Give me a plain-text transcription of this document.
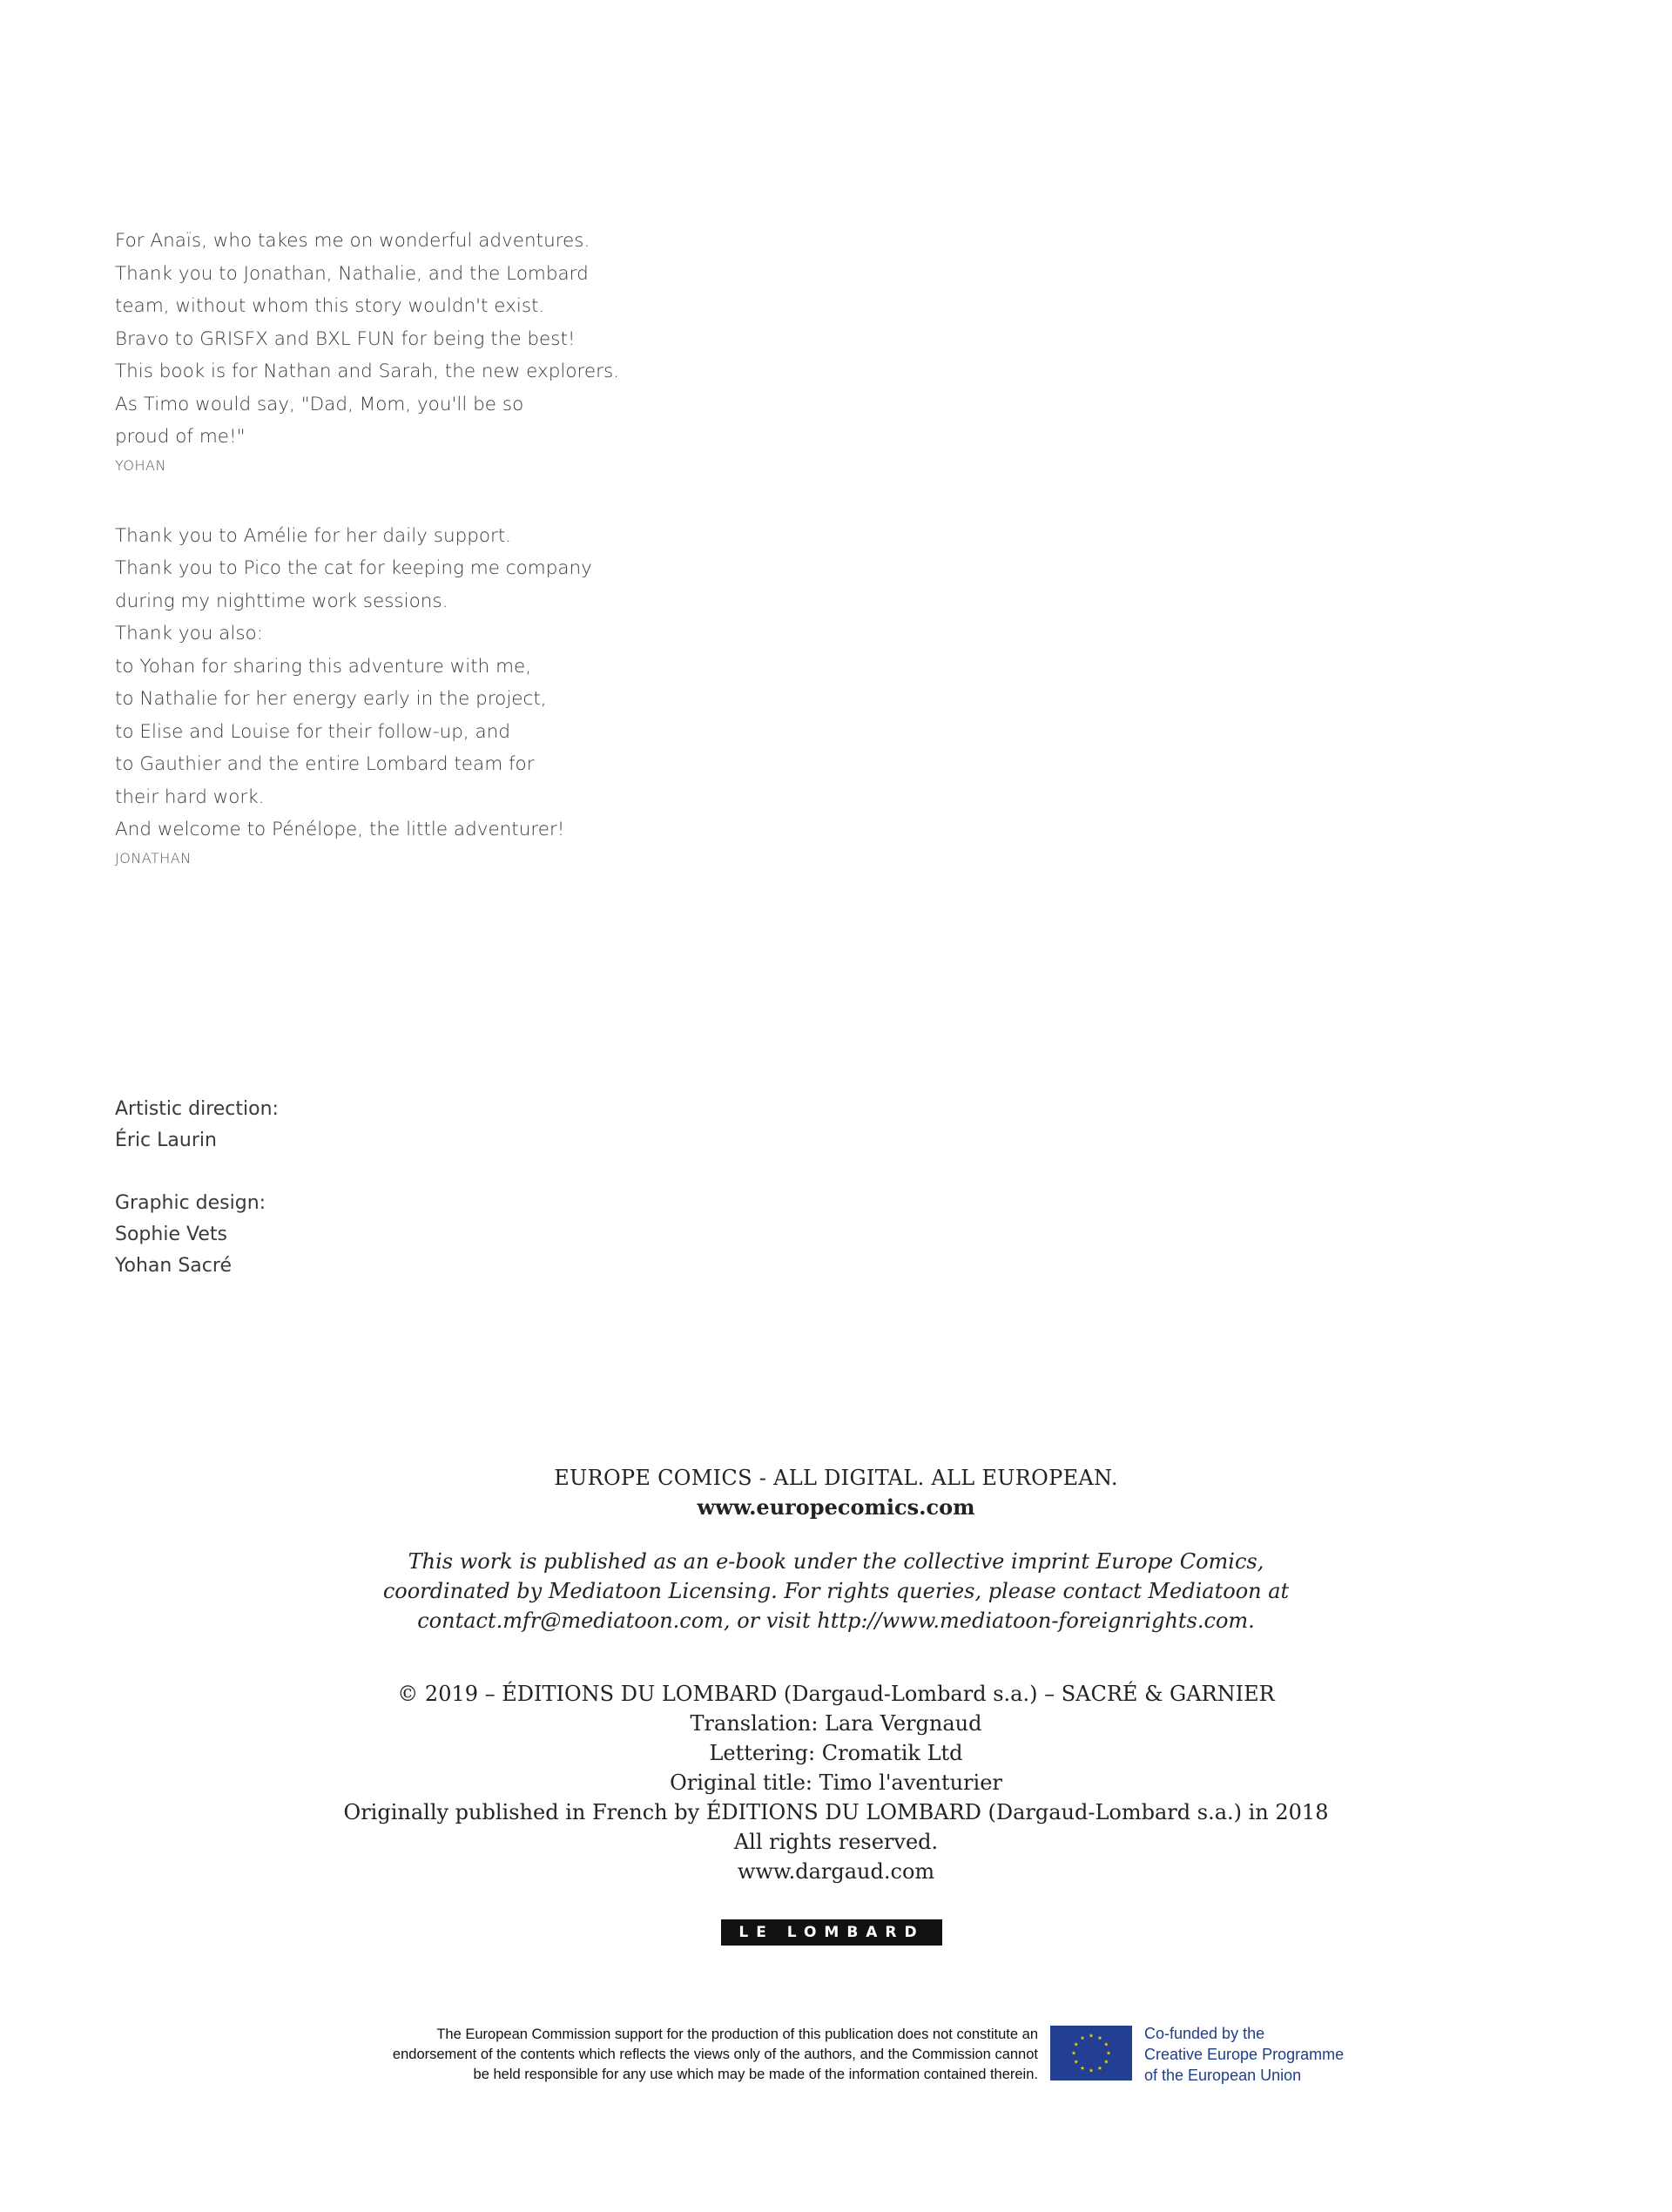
For Anaïs, who takes me on wonderful adventures.
Thank you to Jonathan, Nathalie, and the Lombard
team, without whom this story wouldn't exist.
Bravo to GRISFX and BXL FUN for being the best!
This book is for Nathan and Sarah, the new explorers.
As Timo would say, "Dad, Mom, you'll be so
proud of me!"
YOHAN
Thank you to Amélie for her daily support.
Thank you to Pico the cat for keeping me company
during my nighttime work sessions.
Thank you also:
to Yohan for sharing this adventure with me,
to Nathalie for her energy early in the project,
to Elise and Louise for their follow-up, and
to Gauthier and the entire Lombard team for
their hard work.
And welcome to Pénélope, the little adventurer!
JONATHAN
Artistic direction:
Éric Laurin
Graphic design:
Sophie Vets
Yohan Sacré
EUROPE COMICS - ALL DIGITAL. ALL EUROPEAN.
www.europecomics.com
This work is published as an e-book under the collective imprint Europe Comics,
coordinated by Mediatoon Licensing. For rights queries, please contact Mediatoon at
contact.mfr@mediatoon.com, or visit http://www.mediatoon-foreignrights.com.
© 2019 – ÉDITIONS DU LOMBARD (Dargaud-Lombard s.a.) – SACRÉ & GARNIER
Translation: Lara Vergnaud
Lettering: Cromatik Ltd
Original title: Timo l'aventurier
Originally published in French by ÉDITIONS DU LOMBARD (Dargaud-Lombard s.a.) in 2018
All rights reserved.
www.dargaud.com
LE LOMBARD
The European Commission support for the production of this publication does not constitute an
endorsement of the contents which reflects the views only of the authors, and the Commission cannot
be held responsible for any use which may be made of the information contained therein.
Co-funded by the
Creative Europe Programme
of the European Union
